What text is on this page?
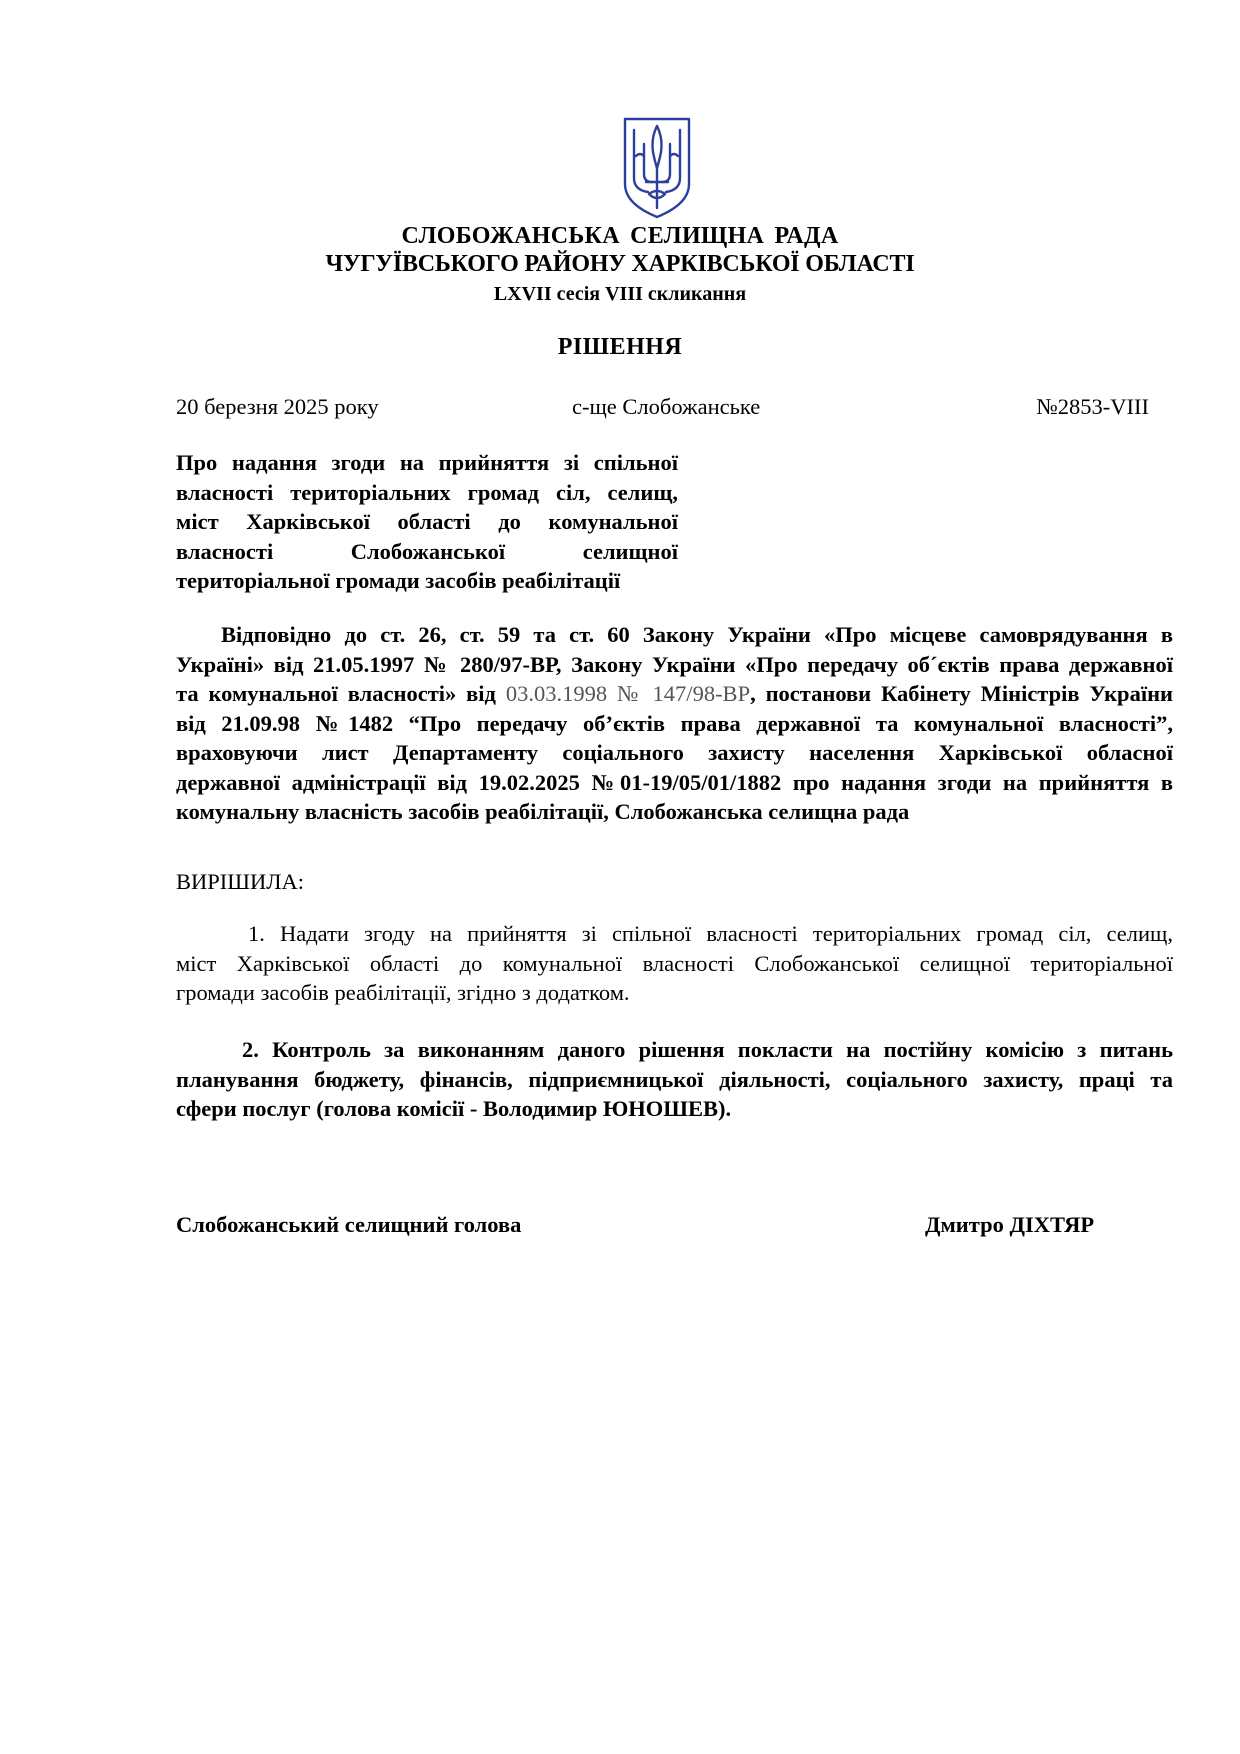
СЛОБОЖАНСЬКА СЕЛИЩНА РАДА
ЧУГУЇВСЬКОГО РАЙОНУ ХАРКІВСЬКОЇ ОБЛАСТІ
LXVІІ сесія VIІІ скликання
РІШЕННЯ
20 березня 2025 року	с-ще Слобожанське	№2853-VІІІ
Про надання згоди на прийняття зі спільної
власності територіальних громад сіл, селищ,
міст Харківської області до комунальної
власності Слобожанської селищної
територіальної громади засобів реабілітації
Відповідно до ст. 26, ст. 59 та ст. 60 Закону України «Про місцеве самоврядування в
Україні» від 21.05.1997 № 280/97-ВР, Закону України «Про передачу об´єктів права державної
та комунальної власності» від 03.03.1998 № 147/98-ВР, постанови Кабінету Міністрів України
від 21.09.98 №1482 “Про передачу об’єктів права державної та комунальної власності”,
враховуючи лист Департаменту соціального захисту населення Харківської обласної
державної адміністрації від 19.02.2025 №01-19/05/01/1882 про надання згоди на прийняття в
комунальну власність засобів реабілітації, Слобожанська селищна рада
ВИРІШИЛА:
1. Надати згоду на прийняття зі спільної власності територіальних громад сіл, селищ,
міст Харківської області до комунальної власності Слобожанської селищної територіальної
громади засобів реабілітації, згідно з додатком.
2. Контроль за виконанням даного рішення покласти на постійну комісію з питань
планування бюджету, фінансів, підприємницької діяльності, соціального захисту, праці та
сфери послуг (голова комісії - Володимир ЮНОШЕВ).
Слобожанський селищний голова	Дмитро ДІХТЯР
